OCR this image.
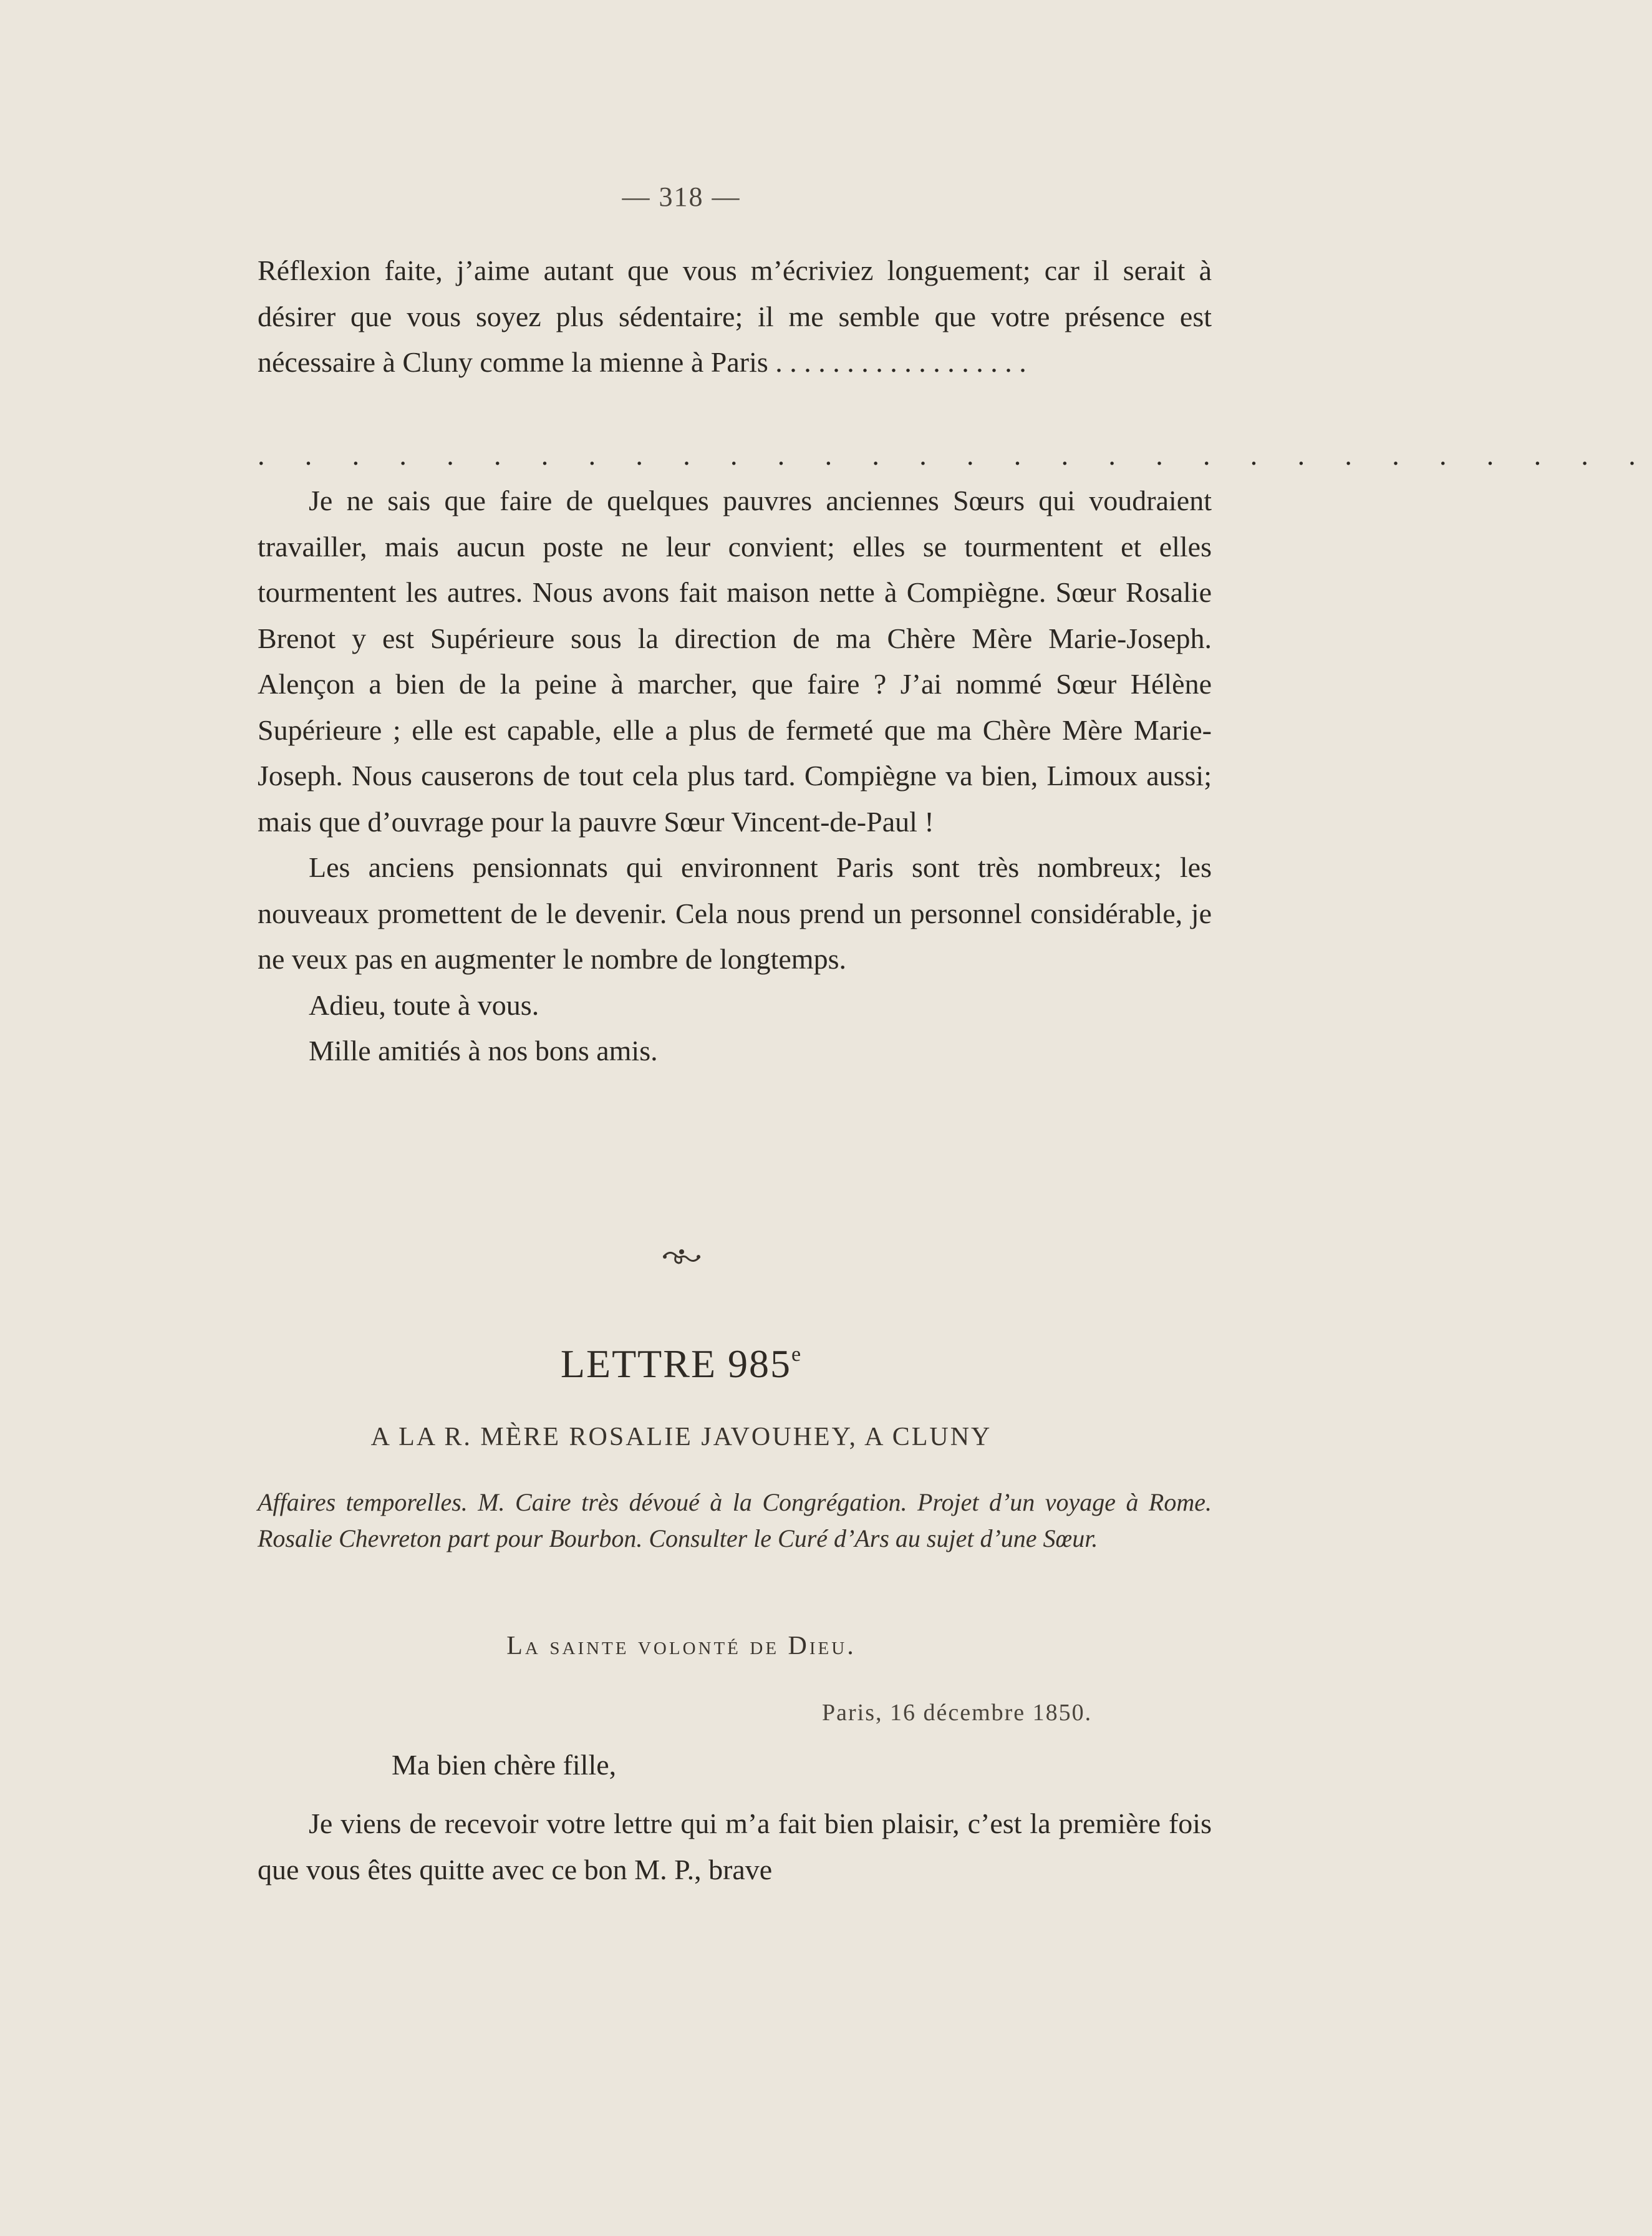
— 318 —

Réflexion faite, j’aime autant que vous m’écriviez longuement; car il serait à désirer que vous soyez plus sédentaire; il me semble que votre présence est nécessaire à Cluny comme la mienne à Paris . . . . . . . . . . . . . . . . . .

. . . . . . . . . . . . . . . . . . . . . . . . . . . . . .

Je ne sais que faire de quelques pauvres anciennes Sœurs qui voudraient travailler, mais aucun poste ne leur convient; elles se tourmentent et elles tourmentent les autres. Nous avons fait maison nette à Compiègne. Sœur Rosalie Brenot y est Supérieure sous la direction de ma Chère Mère Marie-Joseph. Alençon a bien de la peine à marcher, que faire ? J’ai nommé Sœur Hélène Supérieure ; elle est capable, elle a plus de fermeté que ma Chère Mère Marie-Joseph. Nous causerons de tout cela plus tard. Compiègne va bien, Limoux aussi; mais que d’ouvrage pour la pauvre Sœur Vincent-de-Paul !

Les anciens pensionnats qui environnent Paris sont très nombreux; les nouveaux promettent de le devenir. Cela nous prend un personnel considérable, je ne veux pas en augmenter le nombre de longtemps.

Adieu, toute à vous.

Mille amitiés à nos bons amis.

LETTRE 985e
A LA R. MÈRE ROSALIE JAVOUHEY, A CLUNY
Affaires temporelles. M. Caire très dévoué à la Congrégation. Projet d’un voyage à Rome. Rosalie Chevreton part pour Bourbon. Consulter le Curé d’Ars au sujet d’une Sœur.
La sainte volonté de Dieu.
Paris, 16 décembre 1850.
Ma bien chère fille,

Je viens de recevoir votre lettre qui m’a fait bien plaisir, c’est la première fois que vous êtes quitte avec ce bon M. P., brave
